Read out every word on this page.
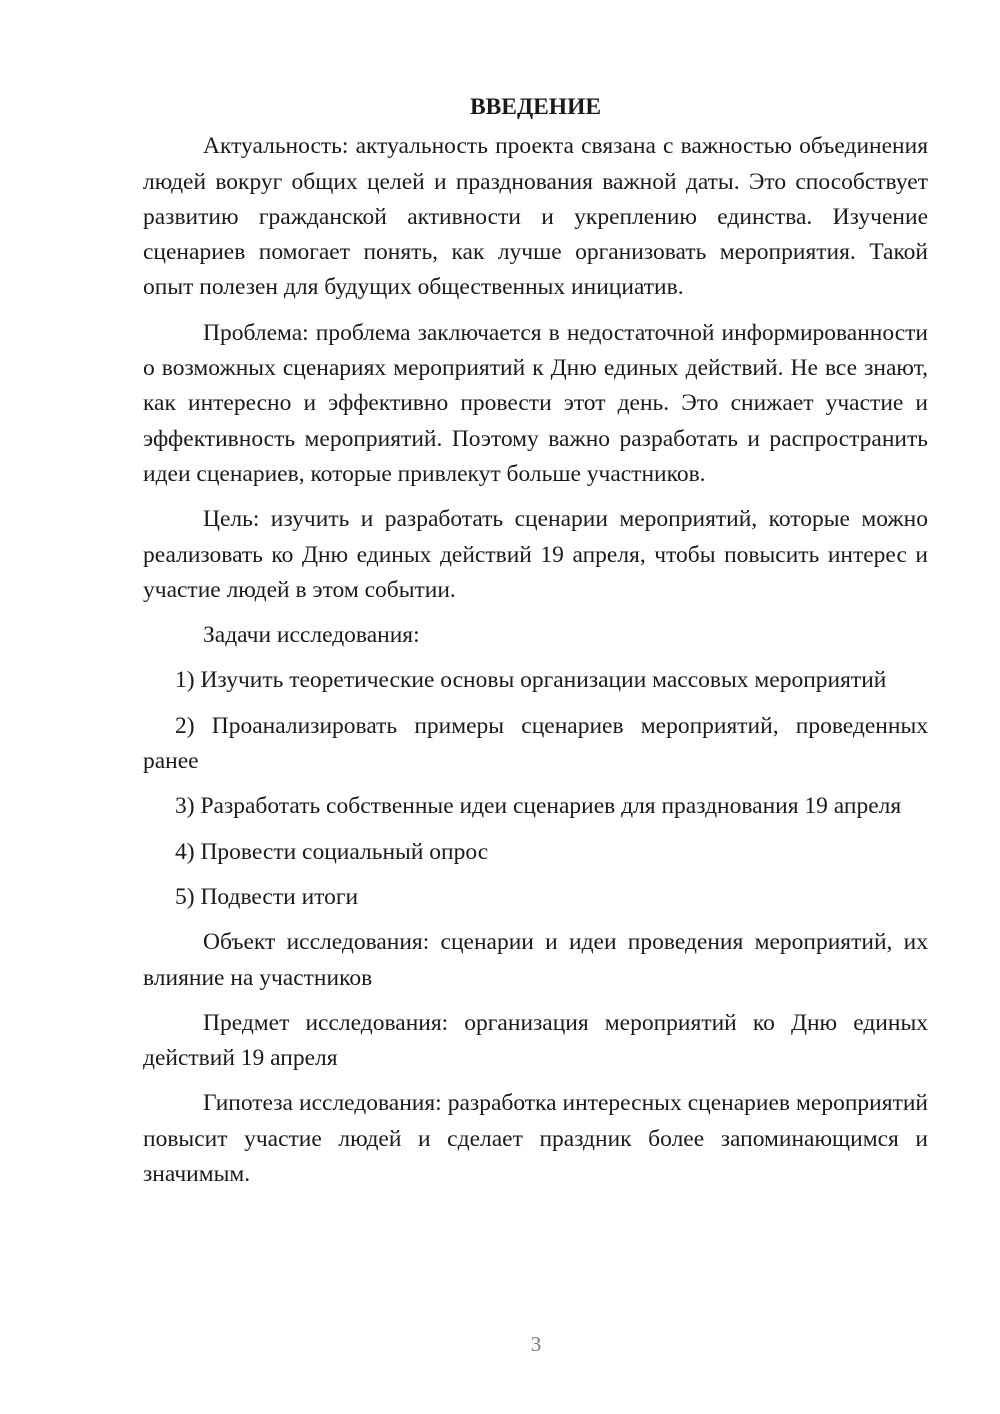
ВВЕДЕНИЕ

Актуальность: актуальность проекта связана с важностью объединения людей вокруг общих целей и празднования важной даты. Это способствует развитию гражданской активности и укреплению единства. Изучение сценариев помогает понять, как лучше организовать мероприятия. Такой опыт полезен для будущих общественных инициатив.

Проблема: проблема заключается в недостаточной информированности о возможных сценариях мероприятий к Дню единых действий. Не все знают, как интересно и эффективно провести этот день. Это снижает участие и эффективность мероприятий. Поэтому важно разработать и распространить идеи сценариев, которые привлекут больше участников.

Цель: изучить и разработать сценарии мероприятий, которые можно реализовать ко Дню единых действий 19 апреля, чтобы повысить интерес и участие людей в этом событии.

Задачи исследования:

1) Изучить теоретические основы организации массовых мероприятий

2) Проанализировать примеры сценариев мероприятий, проведенных ранее

3) Разработать собственные идеи сценариев для празднования 19 апреля

4) Провести социальный опрос

5) Подвести итоги

Объект исследования: сценарии и идеи проведения мероприятий, их влияние на участников

Предмет исследования: организация мероприятий ко Дню единых действий 19 апреля

Гипотеза исследования: разработка интересных сценариев мероприятий повысит участие людей и сделает праздник более запоминающимся и значимым.

3
